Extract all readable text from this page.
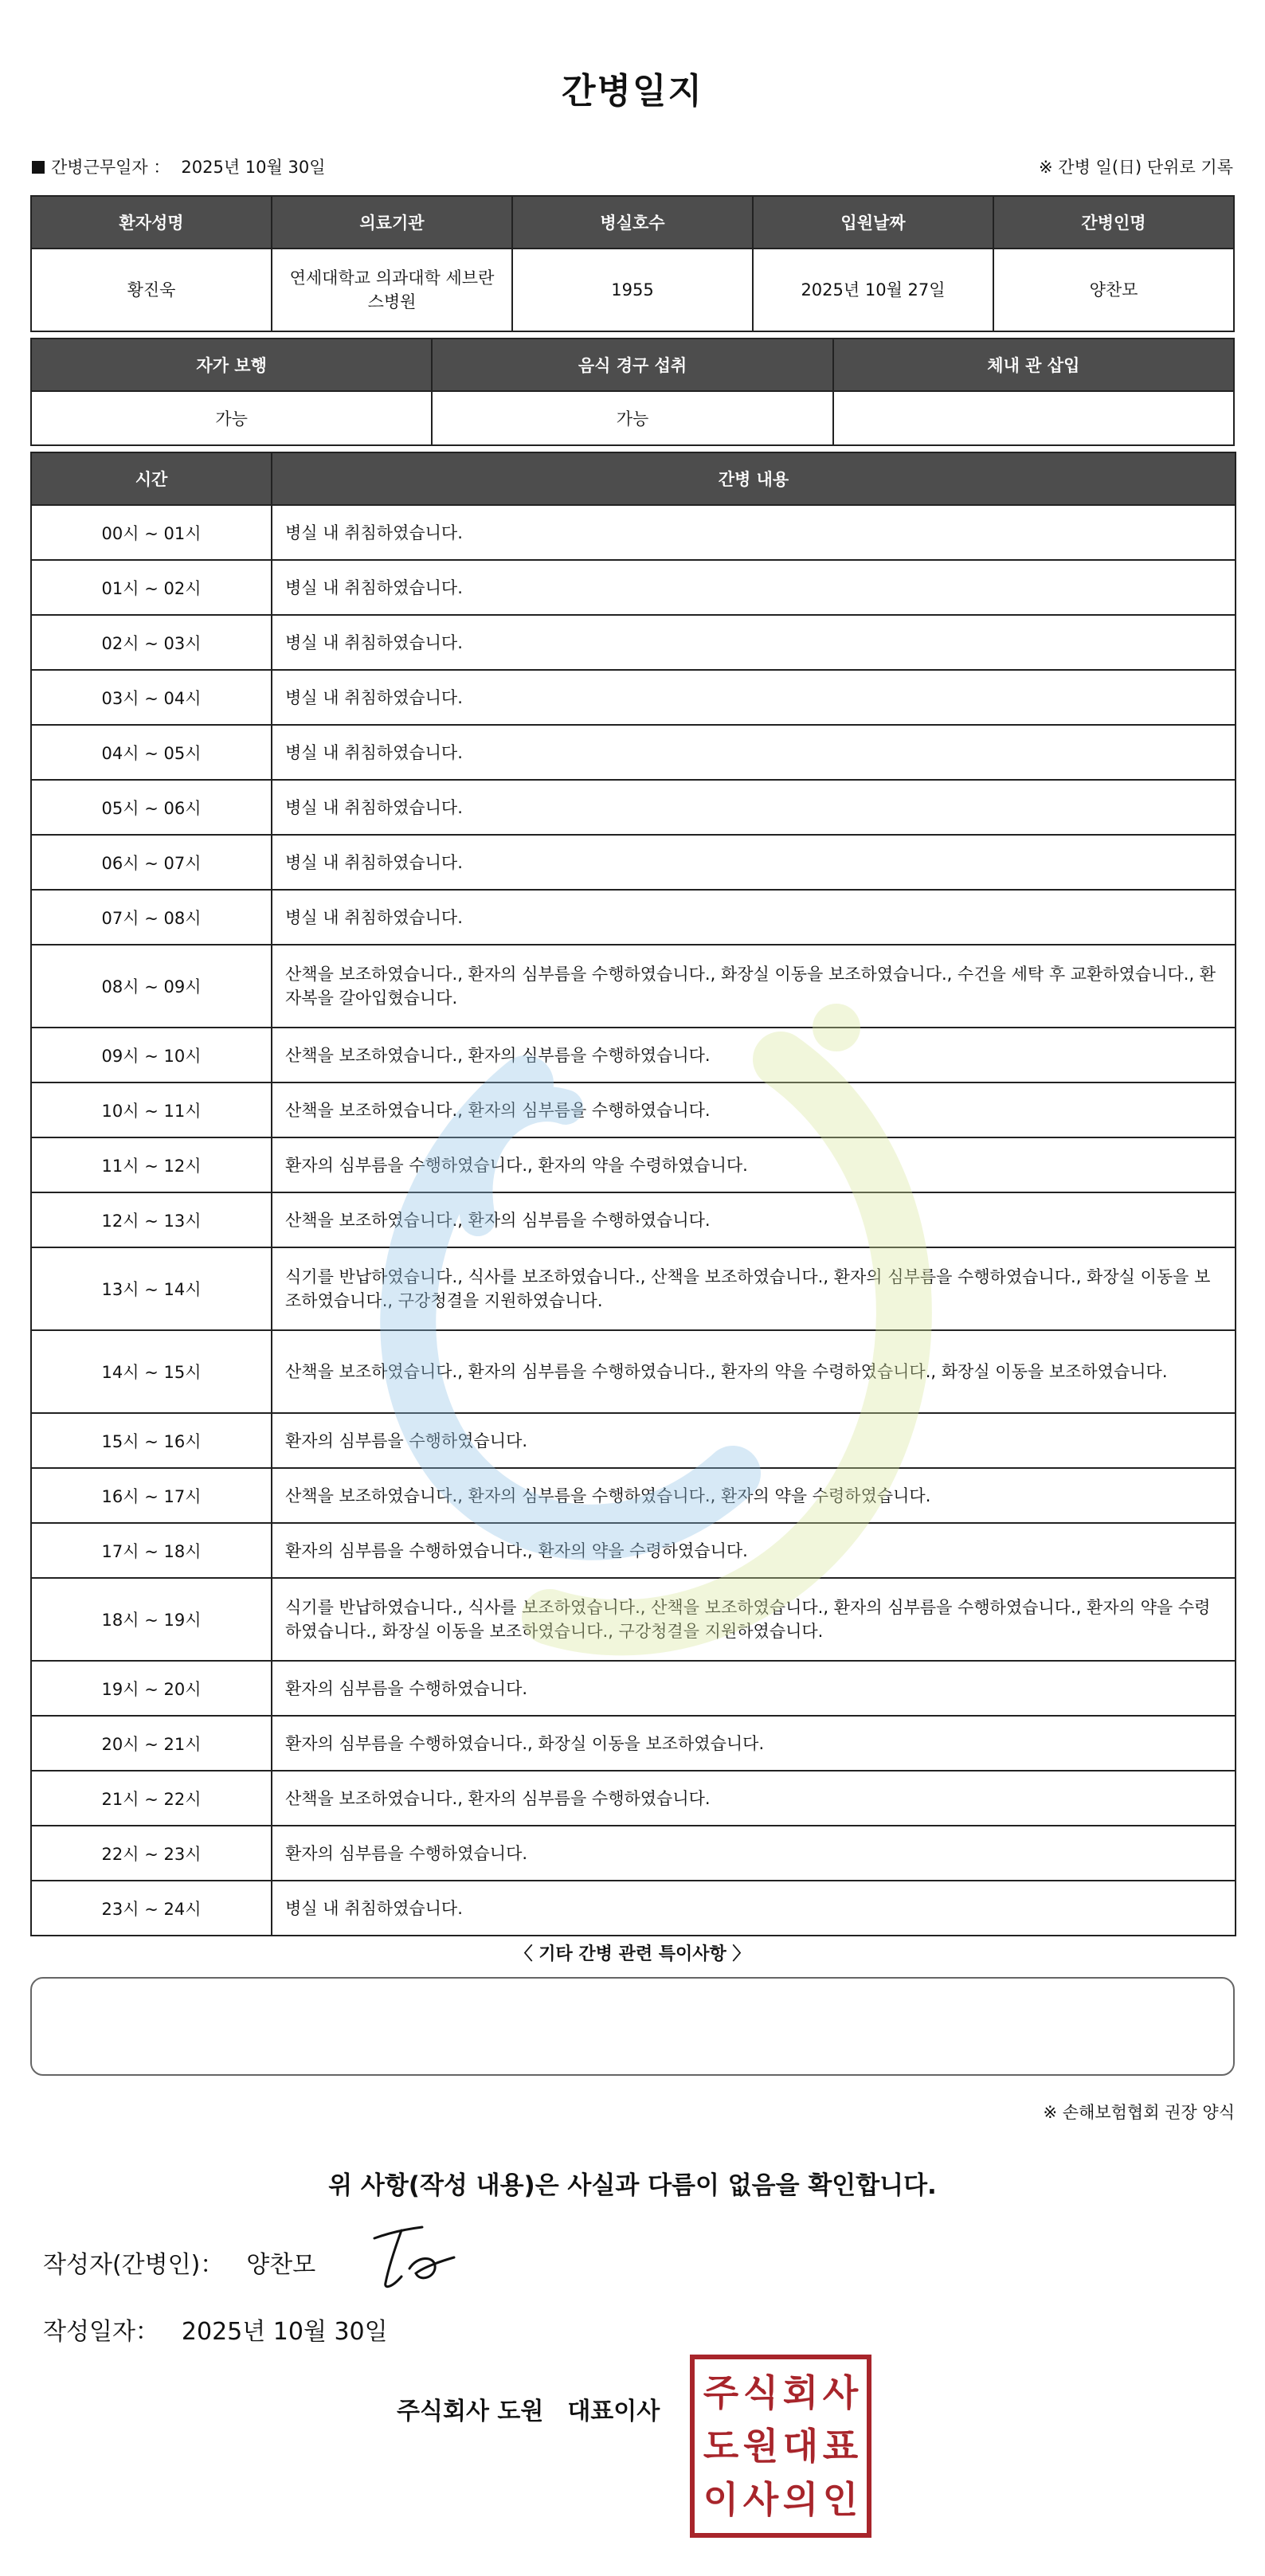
간병일지
간병근무일자 ： 2025년 10월 30일	※ 간병 일(日) 단위로 기록
환자성명	의료기관	병실호수	입원날짜	간병인명
황진욱	연세대학교 의과대학 세브란스병원	1955	2025년 10월 27일	양찬모
자가 보행	음식 경구 섭취	체내 관 삽입
가능	가능	
시간	간병 내용
00시 ~ 01시	병실 내 취침하였습니다.
01시 ~ 02시	병실 내 취침하였습니다.
02시 ~ 03시	병실 내 취침하였습니다.
03시 ~ 04시	병실 내 취침하였습니다.
04시 ~ 05시	병실 내 취침하였습니다.
05시 ~ 06시	병실 내 취침하였습니다.
06시 ~ 07시	병실 내 취침하였습니다.
07시 ~ 08시	병실 내 취침하였습니다.
08시 ~ 09시	산책을 보조하였습니다., 환자의 심부름을 수행하였습니다., 화장실 이동을 보조하였습니다., 수건을 세탁 후 교환하였습니다., 환자복을 갈아입혔습니다.
09시 ~ 10시	산책을 보조하였습니다., 환자의 심부름을 수행하였습니다.
10시 ~ 11시	산책을 보조하였습니다., 환자의 심부름을 수행하였습니다.
11시 ~ 12시	환자의 심부름을 수행하였습니다., 환자의 약을 수령하였습니다.
12시 ~ 13시	산책을 보조하였습니다., 환자의 심부름을 수행하였습니다.
13시 ~ 14시	식기를 반납하였습니다., 식사를 보조하였습니다., 산책을 보조하였습니다., 환자의 심부름을 수행하였습니다., 화장실 이동을 보조하였습니다., 구강청결을 지원하였습니다.
14시 ~ 15시	산책을 보조하였습니다., 환자의 심부름을 수행하였습니다., 환자의 약을 수령하였습니다., 화장실 이동을 보조하였습니다.
15시 ~ 16시	환자의 심부름을 수행하였습니다.
16시 ~ 17시	산책을 보조하였습니다., 환자의 심부름을 수행하였습니다., 환자의 약을 수령하였습니다.
17시 ~ 18시	환자의 심부름을 수행하였습니다., 환자의 약을 수령하였습니다.
18시 ~ 19시	식기를 반납하였습니다., 식사를 보조하였습니다., 산책을 보조하였습니다., 환자의 심부름을 수행하였습니다., 환자의 약을 수령하였습니다., 화장실 이동을 보조하였습니다., 구강청결을 지원하였습니다.
19시 ~ 20시	환자의 심부름을 수행하였습니다.
20시 ~ 21시	환자의 심부름을 수행하였습니다., 화장실 이동을 보조하였습니다.
21시 ~ 22시	산책을 보조하였습니다., 환자의 심부름을 수행하였습니다.
22시 ~ 23시	환자의 심부름을 수행하였습니다.
23시 ~ 24시	병실 내 취침하였습니다.
〈 기타 간병 관련 특이사항 〉
※ 손해보험협회 권장 양식
위 사항(작성 내용)은 사실과 다름이 없음을 확인합니다.
작성자(간병인)： 양찬모
작성일자： 2025년 10월 30일
주식회사 도원 대표이사 주 식 회 사
도 원 대 표
이 사 의 인
